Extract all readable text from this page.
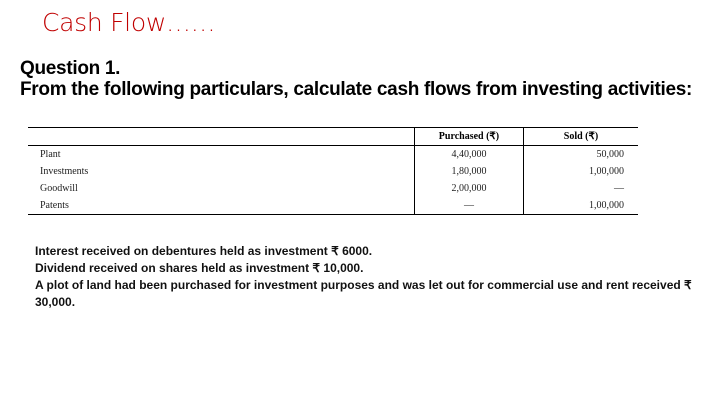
Cash Flow……
Question 1.
From the following particulars, calculate cash flows from investing activities:
	Purchased (₹)	Sold (₹)
Plant	4,40,000	50,000
Investments	1,80,000	1,00,000
Goodwill	2,00,000	—
Patents	—	1,00,000

Interest received on debentures held as investment ₹ 6000.

Dividend received on shares held as investment ₹ 10,000.

A plot of land had been purchased for investment purposes and was let out for commercial use and rent received ₹ 30,000.
